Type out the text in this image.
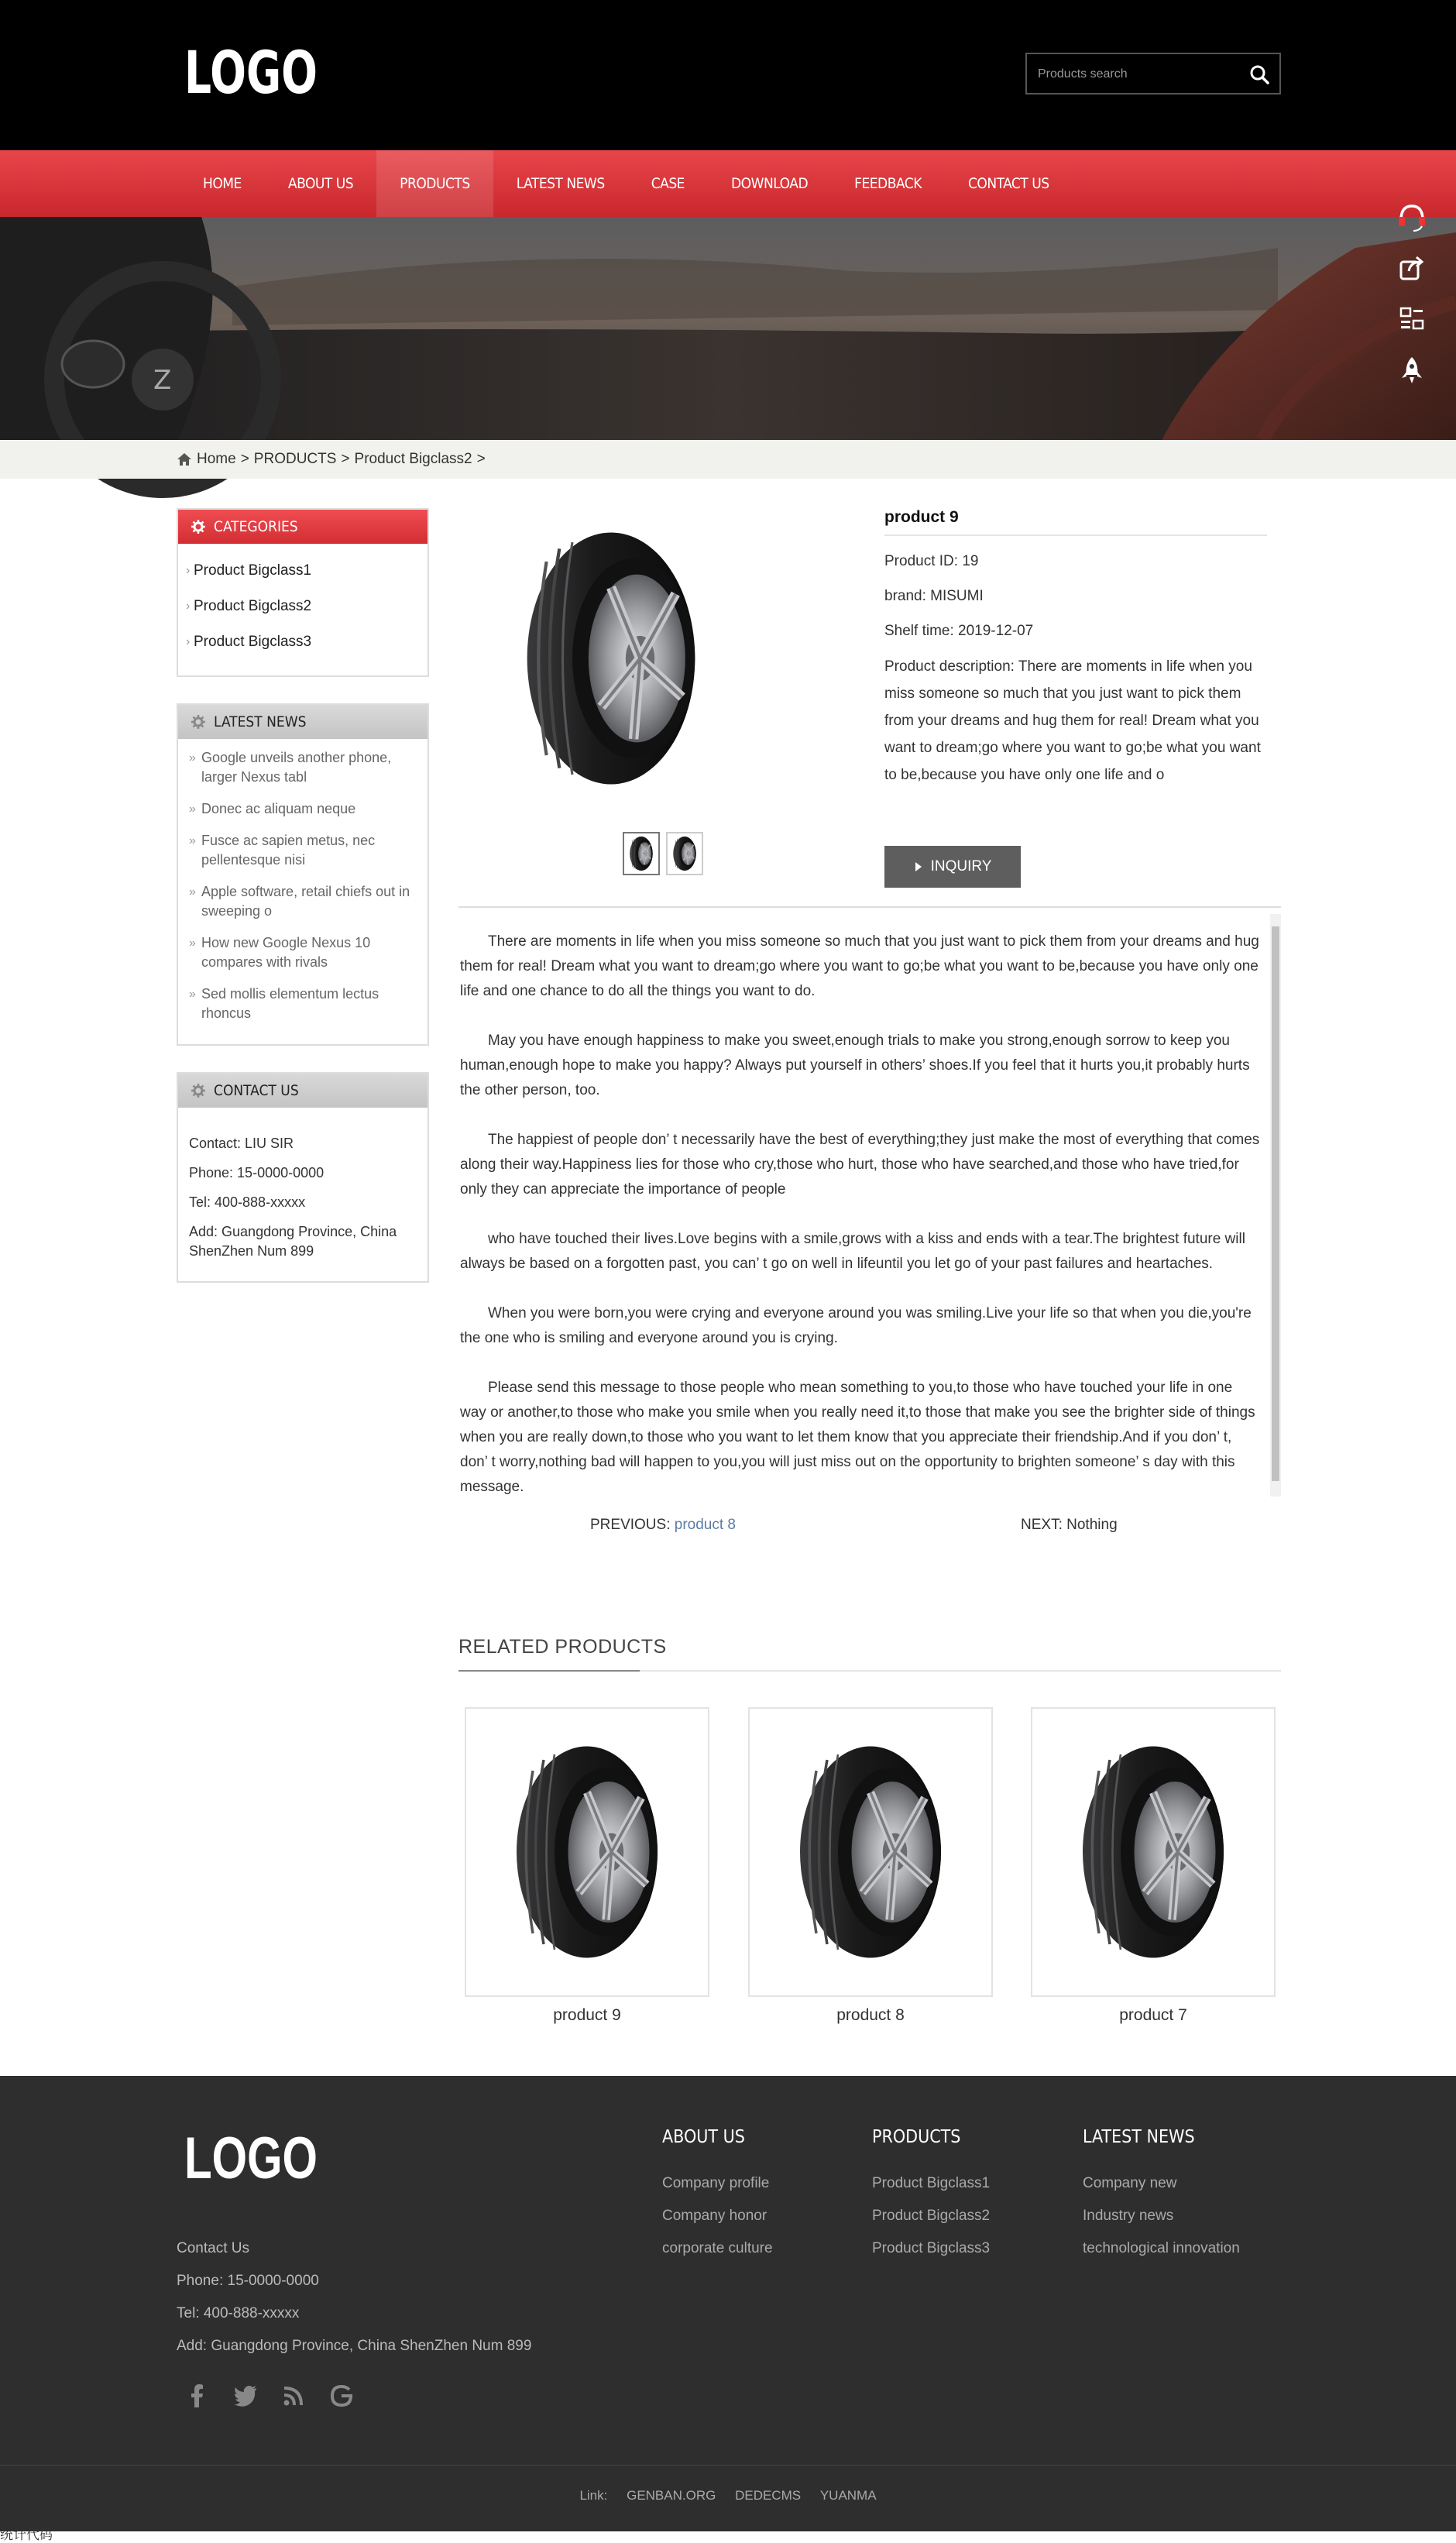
LOGO
Products search
HOME	ABOUT US	PRODUCTS	LATEST NEWS	CASE	DOWNLOAD	FEEDBACK	CONTACT US
Z
Home > PRODUCTS > Product Bigclass2 >
CATEGORIES
› Product Bigclass1
› Product Bigclass2
› Product Bigclass3
LATEST NEWS
» Google unveils another phone, larger Nexus tabl
» Donec ac aliquam neque
» Fusce ac sapien metus, nec pellentesque nisi
» Apple software, retail chiefs out in sweeping o
» How new Google Nexus 10 compares with rivals
» Sed mollis elementum lectus rhoncus
CONTACT US

Contact: LIU SIR

Phone: 15-0000-0000

Tel: 400-888-xxxxx

Add: Guangdong Province, China ShenZhen Num 899

product 9
Product ID: 19
brand: MISUMI
Shelf time: 2019-12-07
Product description: There are moments in life when you miss someone so much that you just want to pick them from your dreams and hug them for real! Dream what you want to dream;go where you want to go;be what you want to be,because you have only one life and o
INQUIRY

There are moments in life when you miss someone so much that you just want to pick them from your dreams and hug them for real! Dream what you want to dream;go where you want to go;be what you want to be,because you have only one life and one chance to do all the things you want to do.

May you have enough happiness to make you sweet,enough trials to make you strong,enough sorrow to keep you human,enough hope to make you happy? Always put yourself in others’ shoes.If you feel that it hurts you,it probably hurts the other person, too.

The happiest of people don’ t necessarily have the best of everything;they just make the most of everything that comes along their way.Happiness lies for those who cry,those who hurt, those who have searched,and those who have tried,for only they can appreciate the importance of people

who have touched their lives.Love begins with a smile,grows with a kiss and ends with a tear.The brightest future will always be based on a forgotten past, you can’ t go on well in lifeuntil you let go of your past failures and heartaches.

When you were born,you were crying and everyone around you was smiling.Live your life so that when you die,you're the one who is smiling and everyone around you is crying.

Please send this message to those people who mean something to you,to those who have touched your life in one way or another,to those who make you smile when you really need it,to those that make you see the brighter side of things when you are really down,to those who you want to let them know that you appreciate their friendship.And if you don’ t, don’ t worry,nothing bad will happen to you,you will just miss out on the opportunity to brighten someone’ s day with this message.

PREVIOUS: product 8	NEXT: Nothing
RELATED PRODUCTS
product 9	product 8	product 7
LOGO
Contact Us
Phone: 15-0000-0000
Tel: 400-888-xxxxx
Add: Guangdong Province, China ShenZhen Num 899
ABOUT US
Company profile
Company honor
corporate culture
PRODUCTS
Product Bigclass1
Product Bigclass2
Product Bigclass3
LATEST NEWS
Company new
Industry news
technological innovation
Link: GENBAN.ORG DEDECMS YUANMA
统计代码
